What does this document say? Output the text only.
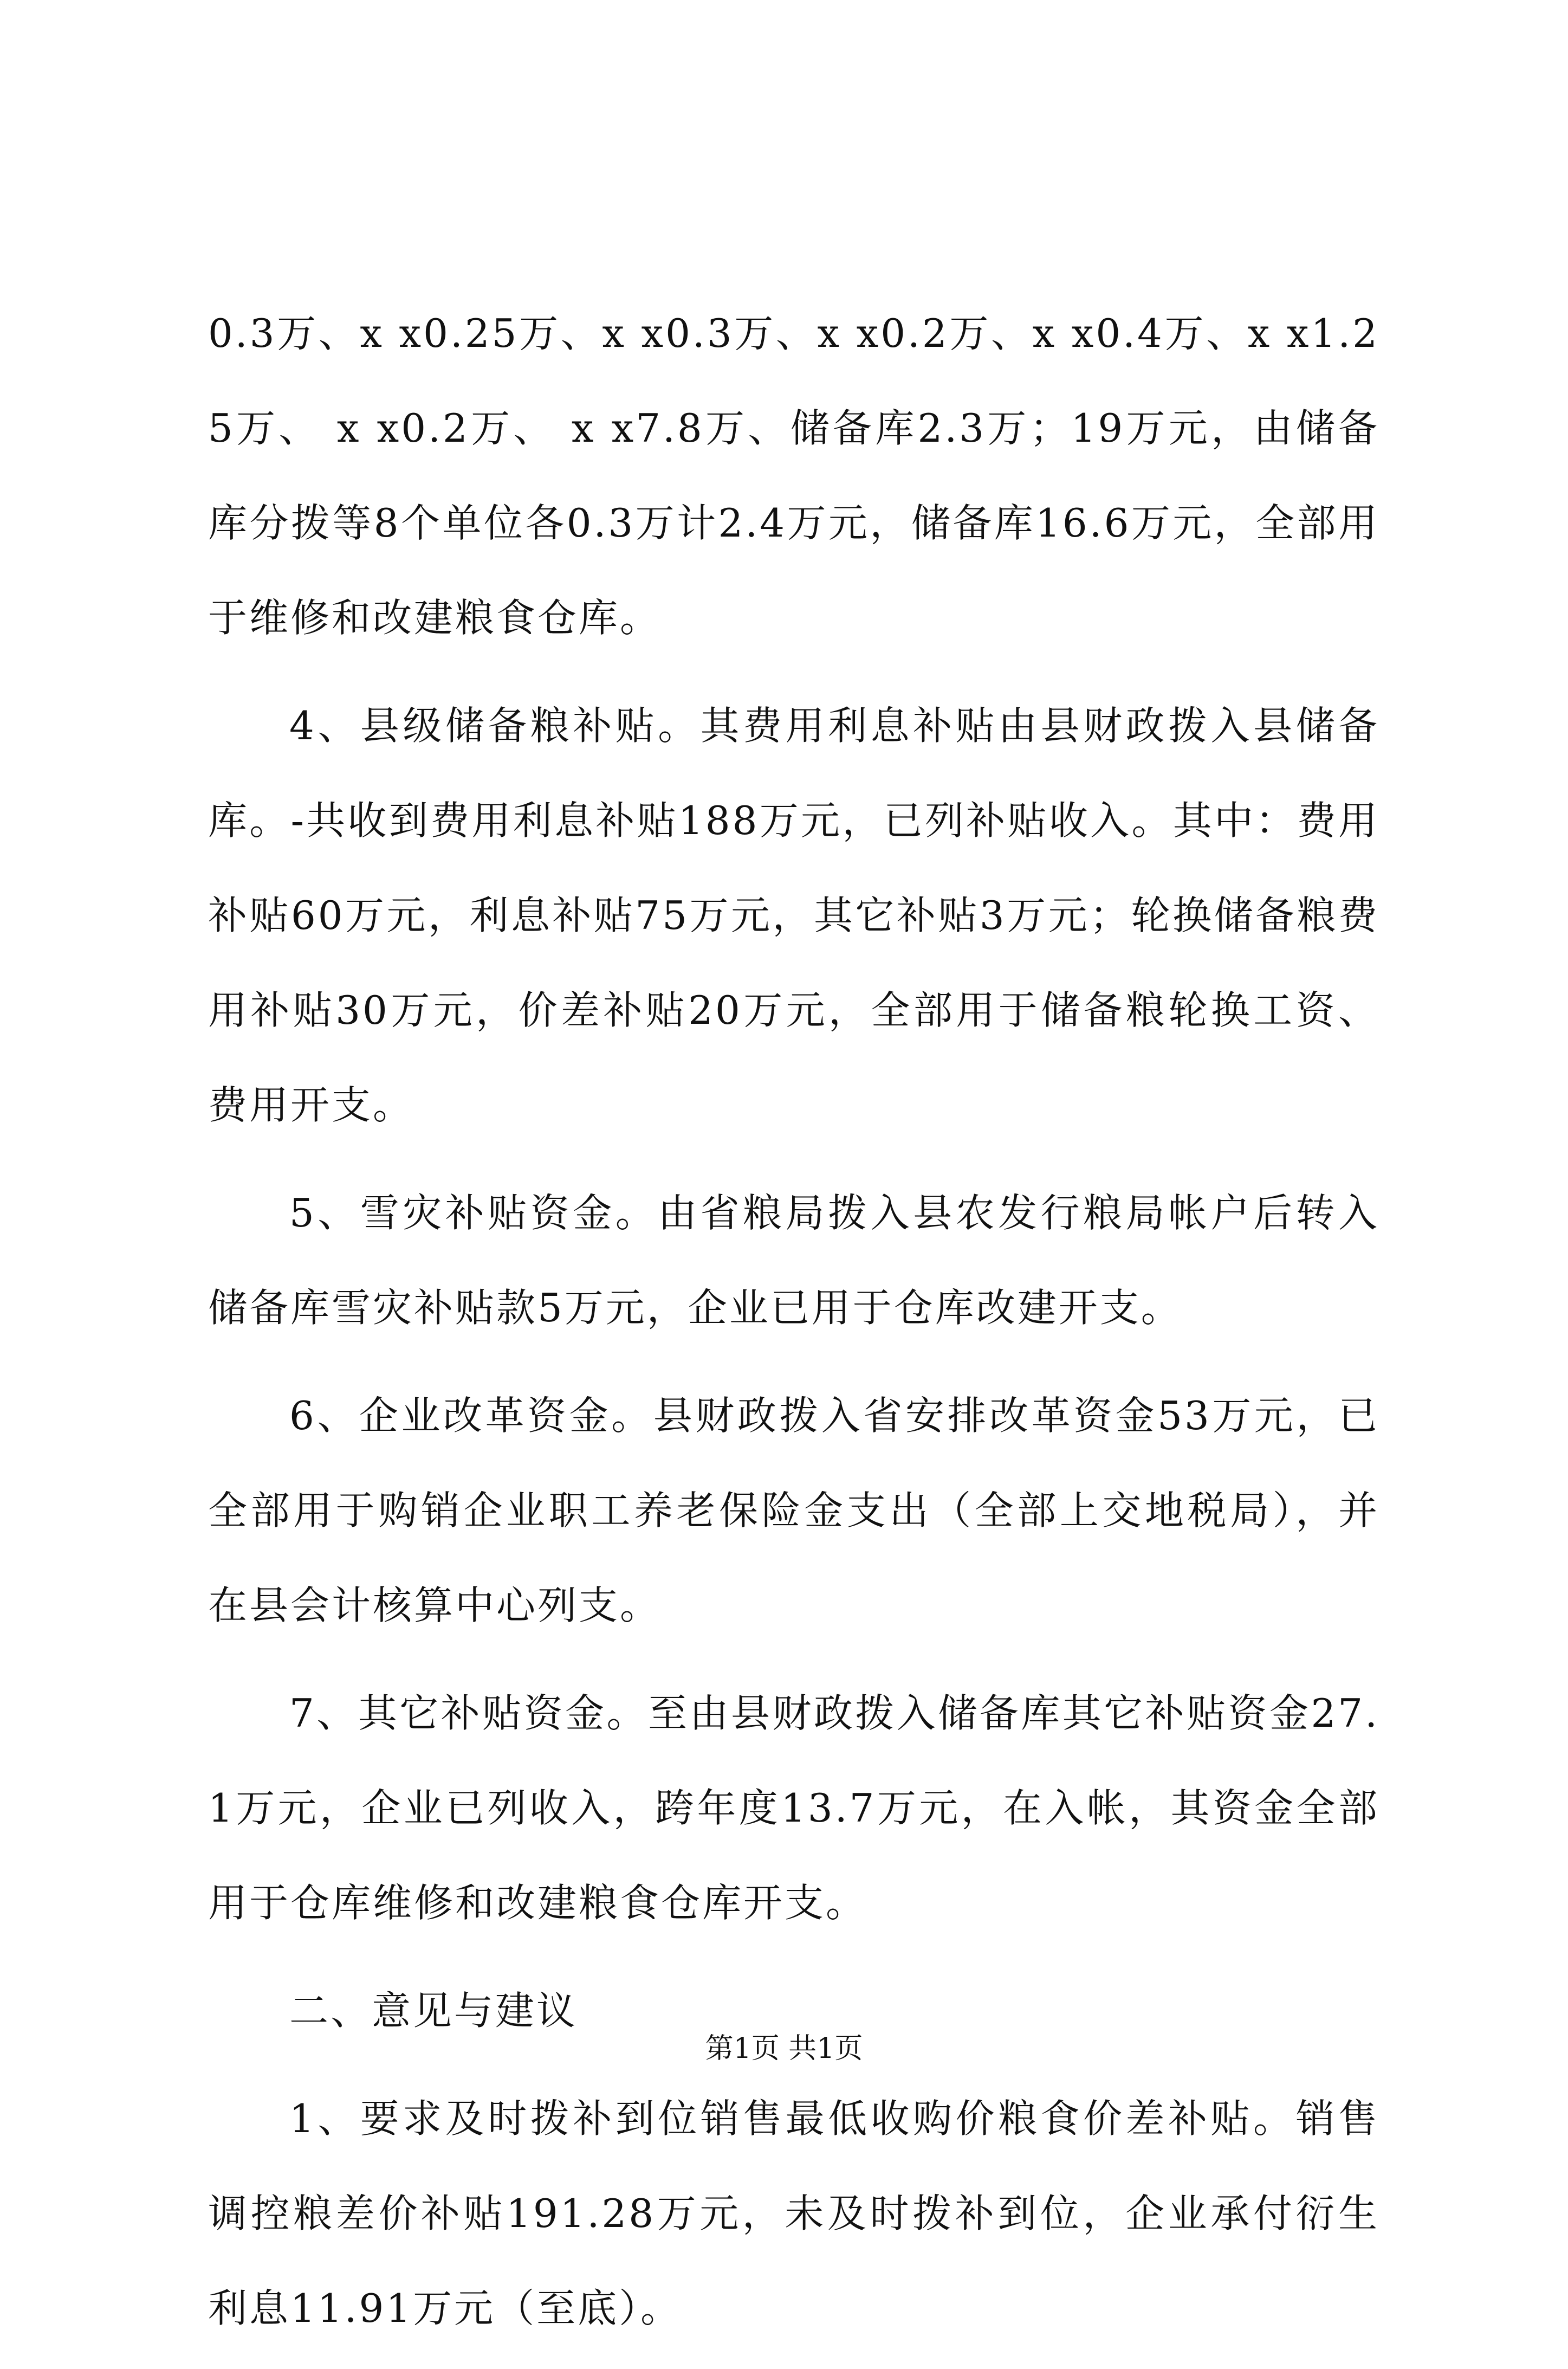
0.3万、x x0.25万、x x0.3万、x x0.2万、x x0.4万、x x1.25万、 x x0.2万、 x x7.8万、储备库2.3万；19万元，由储备库分拨等8个单位各0.3万计2.4万元，储备库16.6万元，全部用于维修和改建粮食仓库。

4、县级储备粮补贴。其费用利息补贴由县财政拨入县储备库。-共收到费用利息补贴188万元，已列补贴收入。其中：费用补贴60万元，利息补贴75万元，其它补贴3万元；轮换储备粮费用补贴30万元，价差补贴20万元，全部用于储备粮轮换工资、费用开支。

5、雪灾补贴资金。由省粮局拨入县农发行粮局帐户后转入储备库雪灾补贴款5万元，企业已用于仓库改建开支。

6、企业改革资金。县财政拨入省安排改革资金53万元，已全部用于购销企业职工养老保险金支出（全部上交地税局），并在县会计核算中心列支。

7、其它补贴资金。至由县财政拨入储备库其它补贴资金27.1万元，企业已列收入，跨年度13.7万元，在入帐，其资金全部用于仓库维修和改建粮食仓库开支。

二、意见与建议

1、要求及时拨补到位销售最低收购价粮食价差补贴。销售调控粮差价补贴191.28万元，未及时拨补到位，企业承付衍生利息11.91万元（至底）。

第1页 共1页
